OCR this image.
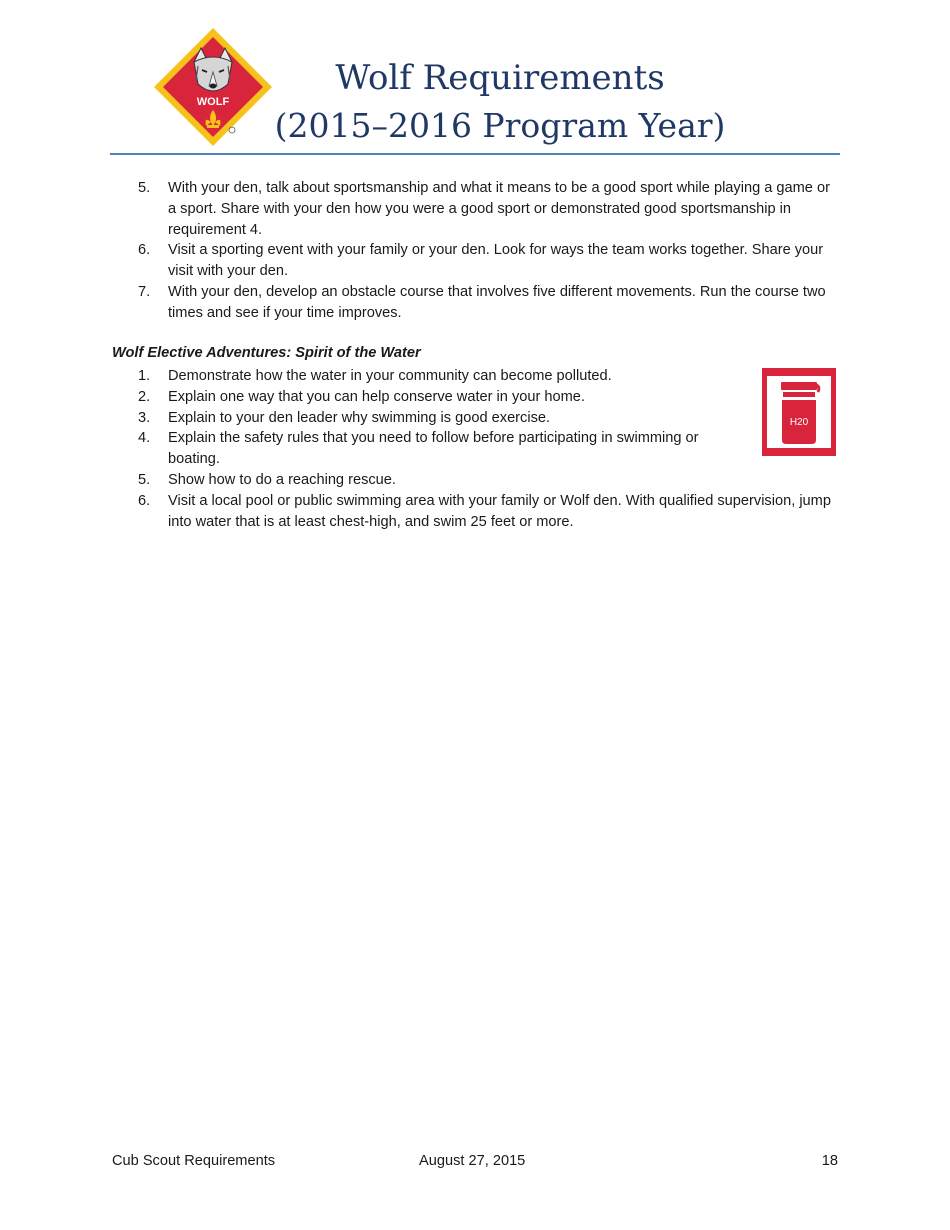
WOLF
Wolf Requirements
(2015–2016 Program Year)
5. With your den, talk about sportsmanship and what it means to be a good sport while playing a game or a sport. Share with your den how you were a good sport or demonstrated good sportsmanship in requirement 4.
6. Visit a sporting event with your family or your den. Look for ways the team works together. Share your visit with your den.
7. With your den, develop an obstacle course that involves five different movements. Run the course two times and see if your time improves.
Wolf Elective Adventures: Spirit of the Water
H20
1. Demonstrate how the water in your community can become polluted.
2. Explain one way that you can help conserve water in your home.
3. Explain to your den leader why swimming is good exercise.
4. Explain the safety rules that you need to follow before participating in swimming or boating.
5. Show how to do a reaching rescue.
6. Visit a local pool or public swimming area with your family or Wolf den. With qualified supervision, jump into water that is at least chest-high, and swim 25 feet or more.
Cub Scout Requirements	August 27, 2015	18
